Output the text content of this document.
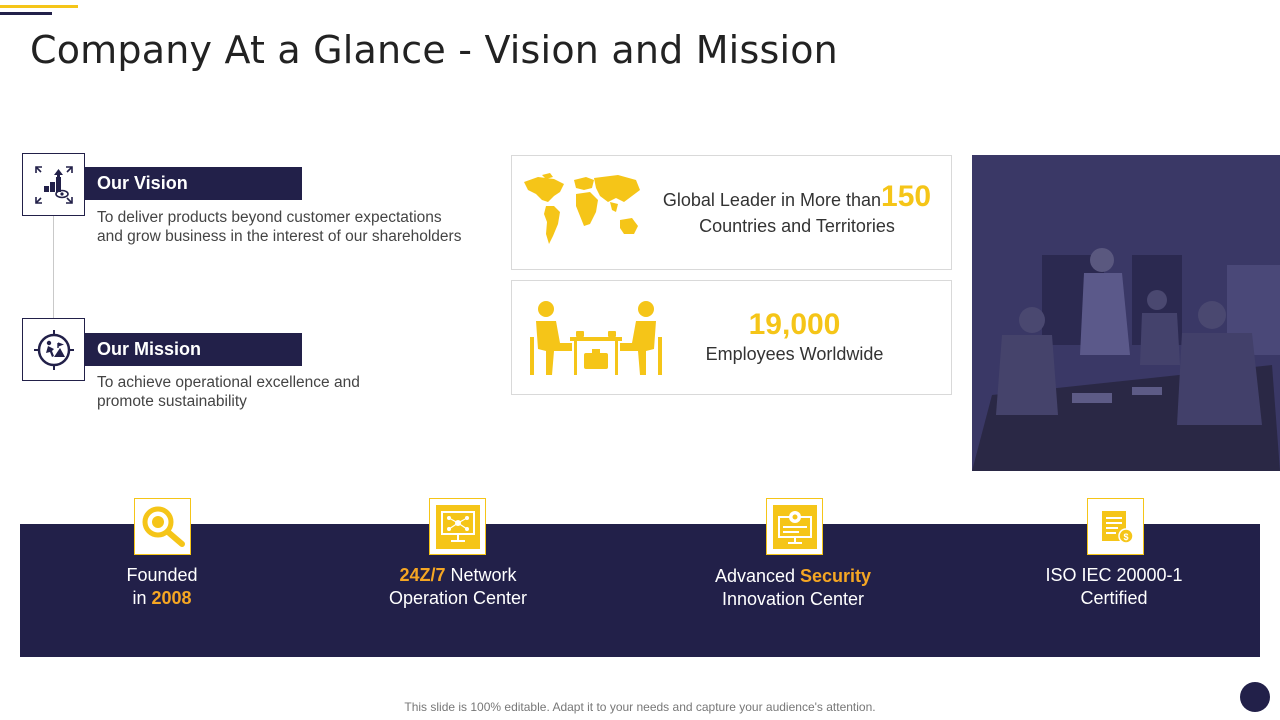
Company At a Glance - Vision and Mission
Our Vision
To deliver products beyond customer expectations
and grow business in the interest of our shareholders
Our Mission
To achieve operational excellence and
promote sustainability
Global Leader in More than150
Countries and Territories
19,000
Employees Worldwide
Founded
in 2008
24Z/7 Network
Operation Center
Advanced Security
Innovation Center
$
ISO IEC 20000-1
Certified
This slide is 100% editable. Adapt it to your needs and capture your audience's attention.
